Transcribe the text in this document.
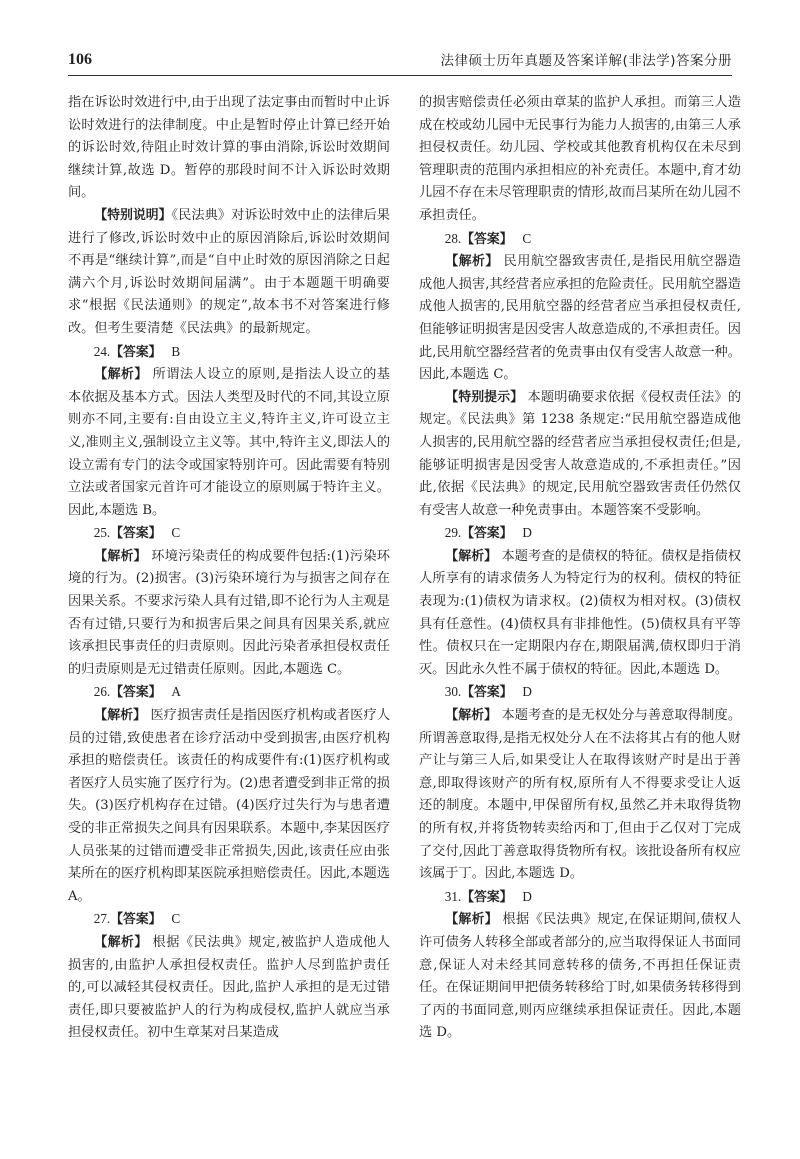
106	法律硕士历年真题及答案详解(非法学)答案分册

指在诉讼时效进行中,由于出现了法定事由而暂时中止诉讼时效进行的法律制度。中止是暂时停止计算已经开始的诉讼时效,待阻止时效计算的事由消除,诉讼时效期间继续计算,故选 D。暂停的那段时间不计入诉讼时效期间。

【特别说明】《民法典》对诉讼时效中止的法律后果进行了修改,诉讼时效中止的原因消除后,诉讼时效期间不再是“继续计算”,而是“自中止时效的原因消除之日起满六个月,诉讼时效期间届满”。由于本题题干明确要求“根据《民法通则》的规定”,故本书不对答案进行修改。但考生要清楚《民法典》的最新规定。

24.【答案】 B

【解析】 所谓法人设立的原则,是指法人设立的基本依据及基本方式。因法人类型及时代的不同,其设立原则亦不同,主要有:自由设立主义,特许主义,许可设立主义,准则主义,强制设立主义等。其中,特许主义,即法人的设立需有专门的法令或国家特别许可。因此需要有特别立法或者国家元首许可才能设立的原则属于特许主义。因此,本题选 B。

25.【答案】 C

【解析】 环境污染责任的构成要件包括:(1)污染环境的行为。(2)损害。(3)污染环境行为与损害之间存在因果关系。不要求污染人具有过错,即不论行为人主观是否有过错,只要行为和损害后果之间具有因果关系,就应该承担民事责任的归责原则。因此污染者承担侵权责任的归责原则是无过错责任原则。因此,本题选 C。

26.【答案】 A

【解析】 医疗损害责任是指因医疗机构或者医疗人员的过错,致使患者在诊疗活动中受到损害,由医疗机构承担的赔偿责任。该责任的构成要件有:(1)医疗机构或者医疗人员实施了医疗行为。(2)患者遭受到非正常的损失。(3)医疗机构存在过错。(4)医疗过失行为与患者遭受的非正常损失之间具有因果联系。本题中,李某因医疗人员张某的过错而遭受非正常损失,因此,该责任应由张某所在的医疗机构即某医院承担赔偿责任。因此,本题选 A。

27.【答案】 C

【解析】 根据《民法典》规定,被监护人造成他人损害的,由监护人承担侵权责任。监护人尽到监护责任的,可以减轻其侵权责任。因此,监护人承担的是无过错责任,即只要被监护人的行为构成侵权,监护人就应当承担侵权责任。初中生章某对吕某造成

的损害赔偿责任必须由章某的监护人承担。而第三人造成在校或幼儿园中无民事行为能力人损害的,由第三人承担侵权责任。幼儿园、学校或其他教育机构仅在未尽到管理职责的范围内承担相应的补充责任。本题中,育才幼儿园不存在未尽管理职责的情形,故而吕某所在幼儿园不承担责任。

28.【答案】 C

【解析】 民用航空器致害责任,是指民用航空器造成他人损害,其经营者应承担的危险责任。民用航空器造成他人损害的,民用航空器的经营者应当承担侵权责任,但能够证明损害是因受害人故意造成的,不承担责任。因此,民用航空器经营者的免责事由仅有受害人故意一种。因此,本题选 C。

【特别提示】 本题明确要求依据《侵权责任法》的规定。《民法典》第 1238 条规定:“民用航空器造成他人损害的,民用航空器的经营者应当承担侵权责任;但是,能够证明损害是因受害人故意造成的,不承担责任。”因此,依据《民法典》的规定,民用航空器致害责任仍然仅有受害人故意一种免责事由。本题答案不受影响。

29.【答案】 D

【解析】 本题考查的是债权的特征。债权是指债权人所享有的请求债务人为特定行为的权利。债权的特征表现为:(1)债权为请求权。(2)债权为相对权。(3)债权具有任意性。(4)债权具有非排他性。(5)债权具有平等性。债权只在一定期限内存在,期限届满,债权即归于消灭。因此永久性不属于债权的特征。因此,本题选 D。

30.【答案】 D

【解析】 本题考查的是无权处分与善意取得制度。所谓善意取得,是指无权处分人在不法将其占有的他人财产让与第三人后,如果受让人在取得该财产时是出于善意,即取得该财产的所有权,原所有人不得要求受让人返还的制度。本题中,甲保留所有权,虽然乙并未取得货物的所有权,并将货物转卖给丙和丁,但由于乙仅对丁完成了交付,因此丁善意取得货物所有权。该批设备所有权应该属于丁。因此,本题选 D。

31.【答案】 D

【解析】 根据《民法典》规定,在保证期间,债权人许可债务人转移全部或者部分的,应当取得保证人书面同意,保证人对未经其同意转移的债务,不再担任保证责任。在保证期间甲把债务转移给丁时,如果债务转移得到了丙的书面同意,则丙应继续承担保证责任。因此,本题选 D。
